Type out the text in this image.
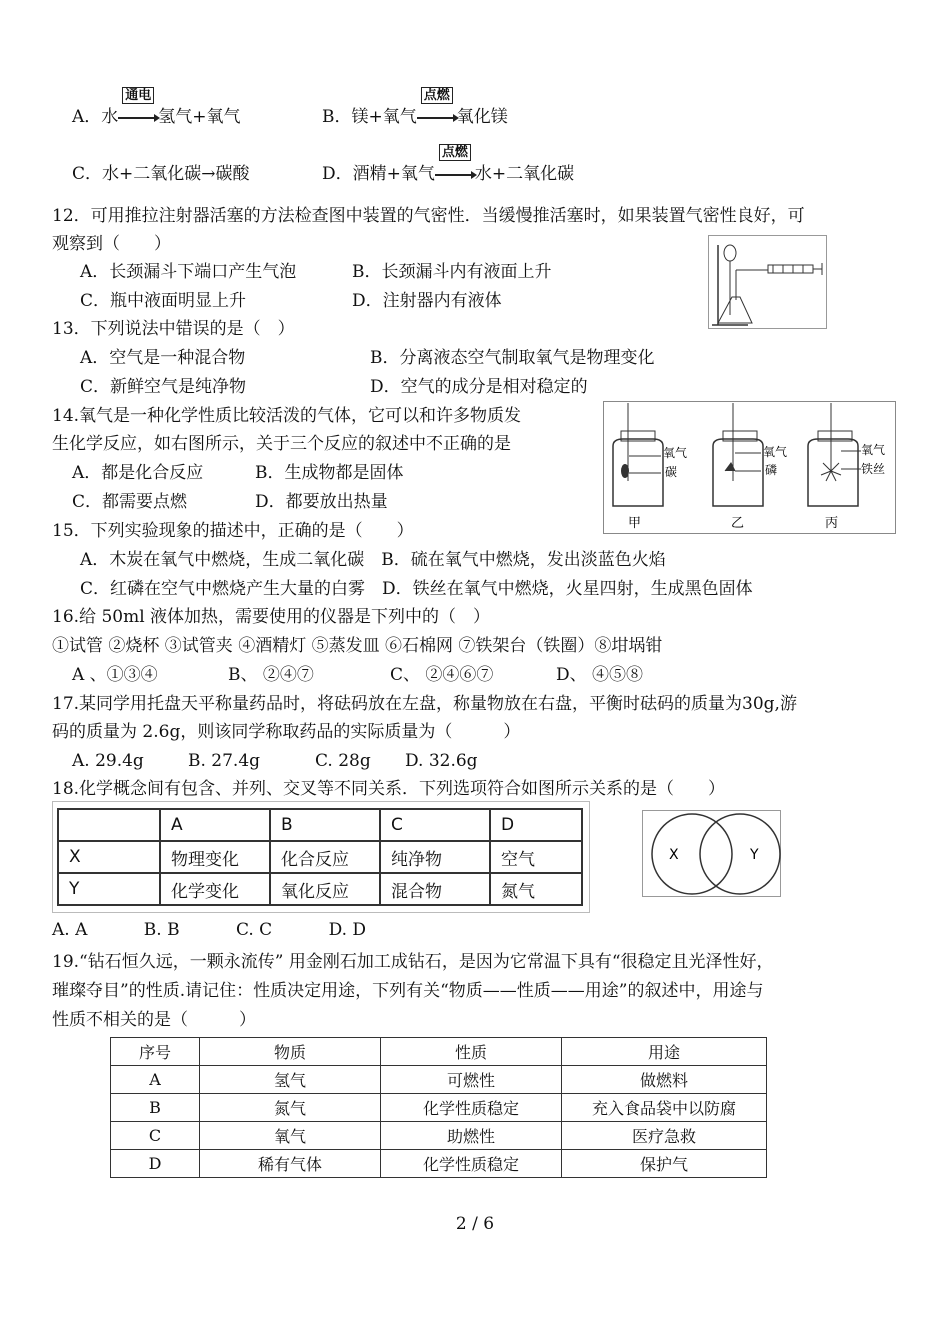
A．水
通电
氢气+氧气	B．镁+氧气
点燃
氧化镁
C．水+二氧化碳→碳酸	D．酒精+氧气
点燃
水+二氧化碳
12．可用推拉注射器活塞的方法检查图中装置的气密性．当缓慢推活塞时，如果装置气密性良好，可
观察到（　　）
A．长颈漏斗下端口产生气泡	B．长颈漏斗内有液面上升
C．瓶中液面明显上升	D．注射器内有液体
13．下列说法中错误的是（　）
A．空气是一种混合物	B．分离液态空气制取氧气是物理变化
C．新鲜空气是纯净物	D．空气的成分是相对稳定的
14.氧气是一种化学性质比较活泼的气体，它可以和许多物质发
生化学反应，如右图所示，关于三个反应的叙述中不正确的是
A．都是化合反应	B．生成物都是固体
C．都需要点燃	D．都要放出热量
氧气
碳
甲
氧气
磷
乙
氧气
铁丝
丙
15．下列实验现象的描述中，正确的是（　　）
A．木炭在氧气中燃烧，生成二氧化碳　B．硫在氧气中燃烧，发出淡蓝色火焰
C．红磷在空气中燃烧产生大量的白雾　D．铁丝在氧气中燃烧，火星四射，生成黑色固体
16.给 50ml 液体加热，需要使用的仪器是下列中的（　）
①试管 ②烧杯 ③试管夹 ④酒精灯 ⑤蒸发皿 ⑥石棉网 ⑦铁架台（铁圈）⑧坩埚钳
A 、①③④	B、 ②④⑦	C、 ②④⑥⑦	D、 ④⑤⑧
17.某同学用托盘天平称量药品时，将砝码放在左盘，称量物放在右盘，平衡时砝码的质量为30g,游
码的质量为 2.6g，则该同学称取药品的实际质量为（　　　）
A. 29.4g	B. 27.4g	C. 28g D. 32.6g
18.化学概念间有包含、并列、交叉等不同关系．下列选项符合如图所示关系的是（　　）
	A	B	C	D
X	物理变化	化合反应	纯净物	空气
Y	化学变化	氧化反应	混合物	氮气
X	Y
A. A　　　 B. B　　　 C. C　　　 D. D
19.“钻石恒久远，一颗永流传” 用金刚石加工成钻石，是因为它常温下具有“很稳定且光泽性好，
璀璨夺目”的性质.请记住：性质决定用途，下列有关“物质——性质——用途”的叙述中，用途与
性质不相关的是（　　　）
序号	物质	性质	用途
A	氢气	可燃性	做燃料
B	氮气	化学性质稳定	充入食品袋中以防腐
C	氧气	助燃性	医疗急救
D	稀有气体	化学性质稳定	保护气
2 / 6
